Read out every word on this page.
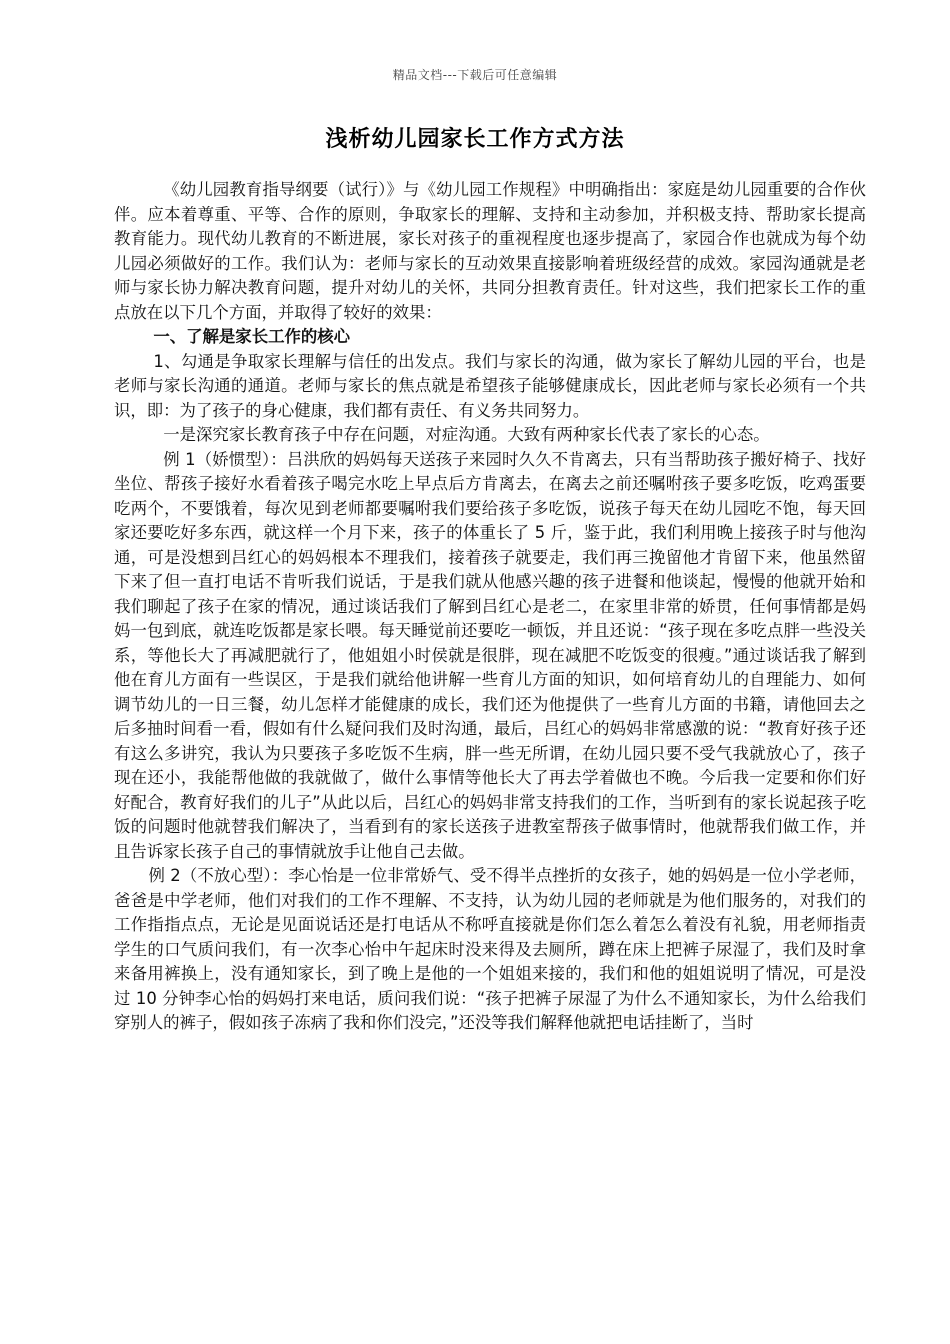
精品文档---下载后可任意编辑
浅析幼儿园家长工作方式方法

《幼儿园教育指导纲要（试行）》与《幼儿园工作规程》中明确指出：家庭是幼儿园重要的合作伙伴。应本着尊重、平等、合作的原则，争取家长的理解、支持和主动参加，并积极支持、帮助家长提高教育能力。现代幼儿教育的不断进展，家长对孩子的重视程度也逐步提高了，家园合作也就成为每个幼儿园必须做好的工作。我们认为：老师与家长的互动效果直接影响着班级经营的成效。家园沟通就是老师与家长协力解决教育问题，提升对幼儿的关怀，共同分担教育责任。针对这些，我们把家长工作的重点放在以下几个方面，并取得了较好的效果：

一、了解是家长工作的核心

1、勾通是争取家长理解与信任的出发点。我们与家长的沟通，做为家长了解幼儿园的平台，也是老师与家长沟通的通道。老师与家长的焦点就是希望孩子能够健康成长，因此老师与家长必须有一个共识，即：为了孩子的身心健康，我们都有责任、有义务共同努力。

一是深究家长教育孩子中存在问题，对症沟通。大致有两种家长代表了家长的心态。

例 1（娇惯型）：吕洪欣的妈妈每天送孩子来园时久久不肯离去，只有当帮助孩子搬好椅子、找好坐位、帮孩子接好水看着孩子喝完水吃上早点后方肯离去，在离去之前还嘱咐孩子要多吃饭，吃鸡蛋要吃两个，不要饿着，每次见到老师都要嘱咐我们要给孩子多吃饭，说孩子每天在幼儿园吃不饱，每天回家还要吃好多东西，就这样一个月下来，孩子的体重长了 5 斤，鉴于此，我们利用晚上接孩子时与他沟通，可是没想到吕红心的妈妈根本不理我们，接着孩子就要走，我们再三挽留他才肯留下来，他虽然留下来了但一直打电话不肯听我们说话，于是我们就从他感兴趣的孩子进餐和他谈起，慢慢的他就开始和我们聊起了孩子在家的情况，通过谈话我们了解到吕红心是老二，在家里非常的娇贯，任何事情都是妈妈一包到底，就连吃饭都是家长喂。每天睡觉前还要吃一顿饭，并且还说：“孩子现在多吃点胖一些没关系，等他长大了再减肥就行了，他姐姐小时侯就是很胖，现在减肥不吃饭变的很瘦。”通过谈话我了解到他在育儿方面有一些误区，于是我们就给他讲解一些育儿方面的知识，如何培育幼儿的自理能力、如何调节幼儿的一日三餐，幼儿怎样才能健康的成长，我们还为他提供了一些育儿方面的书籍，请他回去之后多抽时间看一看，假如有什么疑问我们及时沟通，最后，吕红心的妈妈非常感激的说：“教育好孩子还有这么多讲究，我认为只要孩子多吃饭不生病，胖一些无所谓，在幼儿园只要不受气我就放心了，孩子现在还小，我能帮他做的我就做了，做什么事情等他长大了再去学着做也不晚。今后我一定要和你们好好配合，教育好我们的儿子”从此以后，吕红心的妈妈非常支持我们的工作，当听到有的家长说起孩子吃饭的问题时他就替我们解决了，当看到有的家长送孩子进教室帮孩子做事情时，他就帮我们做工作，并且告诉家长孩子自己的事情就放手让他自己去做。

例 2（不放心型）：李心怡是一位非常娇气、受不得半点挫折的女孩子，她的妈妈是一位小学老师，爸爸是中学老师，他们对我们的工作不理解、不支持，认为幼儿园的老师就是为他们服务的，对我们的工作指指点点，无论是见面说话还是打电话从不称呼直接就是你们怎么着怎么着没有礼貌，用老师指责学生的口气质问我们，有一次李心怡中午起床时没来得及去厕所，蹲在床上把裤子尿湿了，我们及时拿来备用裤换上，没有通知家长，到了晚上是他的一个姐姐来接的，我们和他的姐姐说明了情况，可是没过 10 分钟李心怡的妈妈打来电话，质问我们说：“孩子把裤子尿湿了为什么不通知家长，为什么给我们穿别人的裤子，假如孩子冻病了我和你们没完，”还没等我们解释他就把电话挂断了，当时
